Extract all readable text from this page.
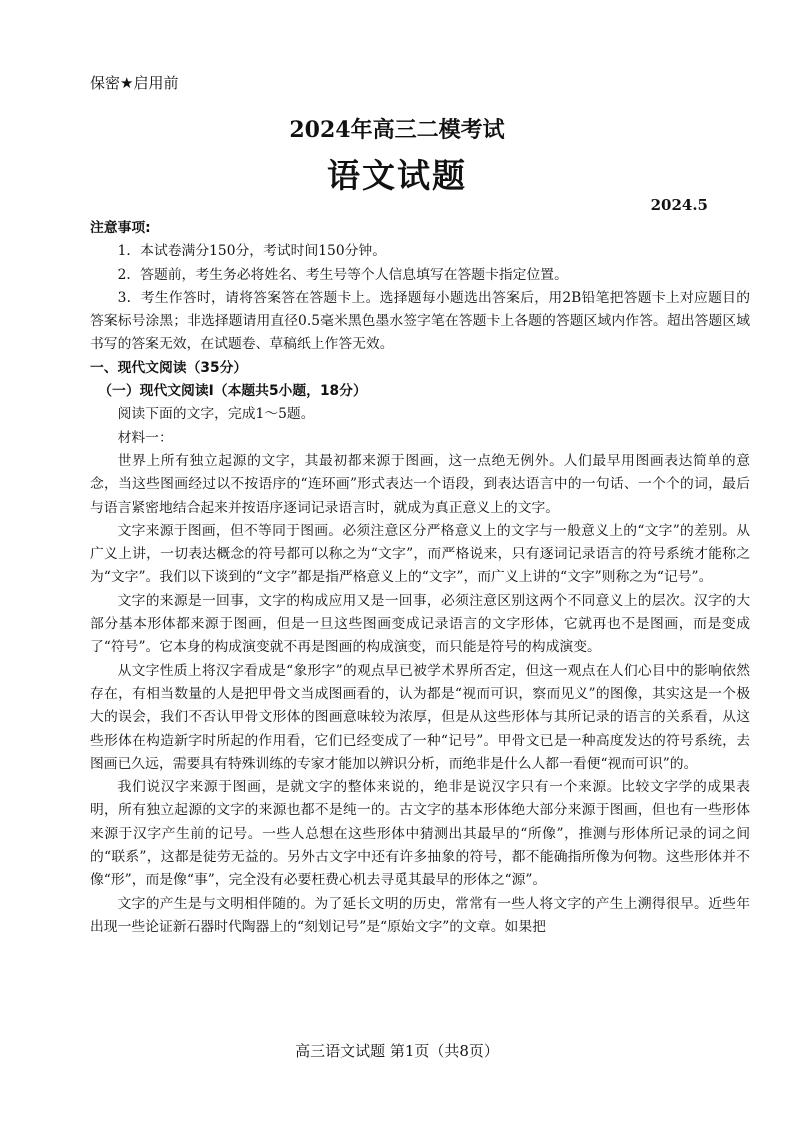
保密★启用前
2024年高三二模考试
语文试题
2024.5

注意事项:

1．本试卷满分150分，考试时间150分钟。

2．答题前，考生务必将姓名、考生号等个人信息填写在答题卡指定位置。

3．考生作答时，请将答案答在答题卡上。选择题每小题选出答案后，用2B铅笔把答题卡上对应题目的答案标号涂黑；非选择题请用直径0.5毫米黑色墨水签字笔在答题卡上各题的答题区域内作答。超出答题区域书写的答案无效，在试题卷、草稿纸上作答无效。

一、现代文阅读（35分）

（一）现代文阅读Ⅰ（本题共5小题，18分）

阅读下面的文字，完成1～5题。

材料一：

世界上所有独立起源的文字，其最初都来源于图画，这一点绝无例外。人们最早用图画表达简单的意念，当这些图画经过以不按语序的“连环画”形式表达一个语段，到表达语言中的一句话、一个个的词，最后与语言紧密地结合起来并按语序逐词记录语言时，就成为真正意义上的文字。

文字来源于图画，但不等同于图画。必须注意区分严格意义上的文字与一般意义上的“文字”的差别。从广义上讲，一切表达概念的符号都可以称之为“文字”，而严格说来，只有逐词记录语言的符号系统才能称之为“文字”。我们以下谈到的“文字”都是指严格意义上的“文字”，而广义上讲的“文字”则称之为“记号”。

文字的来源是一回事，文字的构成应用又是一回事，必须注意区别这两个不同意义上的层次。汉字的大部分基本形体都来源于图画，但是一旦这些图画变成记录语言的文字形体，它就再也不是图画，而是变成了“符号”。它本身的构成演变就不再是图画的构成演变，而只能是符号的构成演变。

从文字性质上将汉字看成是“象形字”的观点早已被学术界所否定，但这一观点在人们心目中的影响依然存在，有相当数量的人是把甲骨文当成图画看的，认为都是“视而可识，察而见义”的图像，其实这是一个极大的误会，我们不否认甲骨文形体的图画意味较为浓厚，但是从这些形体与其所记录的语言的关系看，从这些形体在构造新字时所起的作用看，它们已经变成了一种“记号”。甲骨文已是一种高度发达的符号系统，去图画已久远，需要具有特殊训练的专家才能加以辨识分析，而绝非是什么人都一看便“视而可识”的。

我们说汉字来源于图画，是就文字的整体来说的，绝非是说汉字只有一个来源。比较文字学的成果表明，所有独立起源的文字的来源也都不是纯一的。古文字的基本形体绝大部分来源于图画，但也有一些形体来源于汉字产生前的记号。一些人总想在这些形体中猜测出其最早的“所像”，推测与形体所记录的词之间的“联系”，这都是徒劳无益的。另外古文字中还有许多抽象的符号，都不能确指所像为何物。这些形体并不像“形”，而是像“事”，完全没有必要枉费心机去寻觅其最早的形体之“源”。

文字的产生是与文明相伴随的。为了延长文明的历史，常常有一些人将文字的产生上溯得很早。近些年出现一些论证新石器时代陶器上的“刻划记号”是“原始文字”的文章。如果把

高三语文试题 第1页（共8页）
